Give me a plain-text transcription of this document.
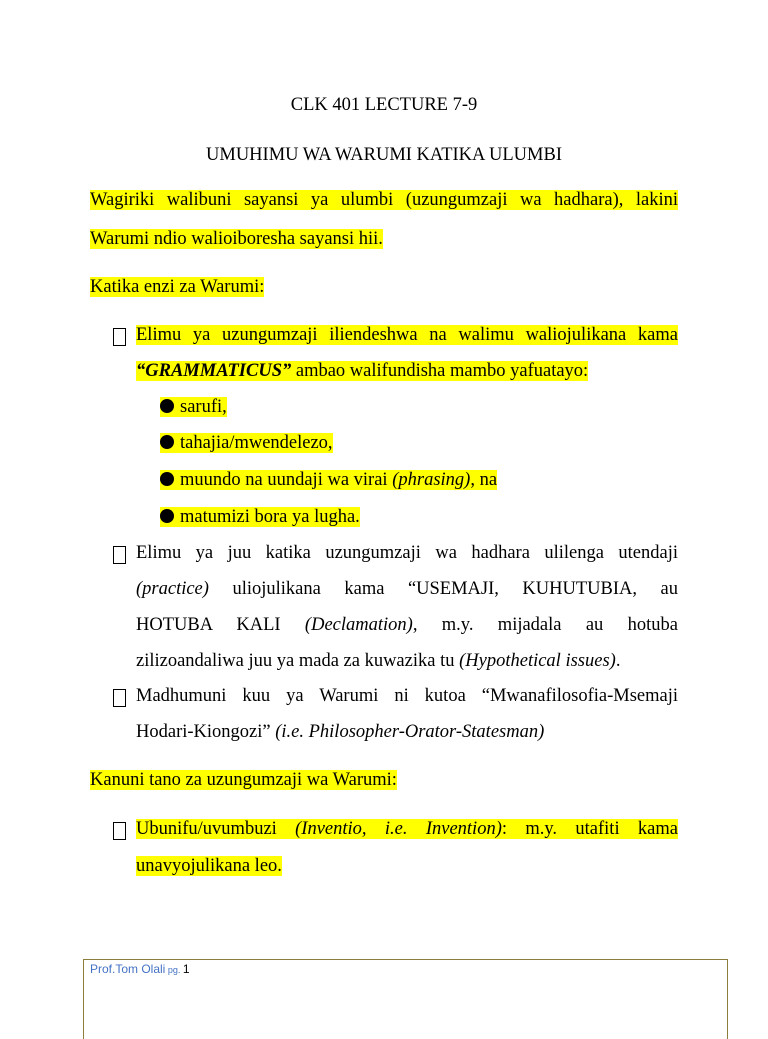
CLK 401 LECTURE 7-9
UMUHIMU WA WARUMI KATIKA ULUMBI
Wagiriki walibuni sayansi ya ulumbi (uzungumzaji wa hadhara), lakini
Warumi ndio walioiboresha sayansi hii.
Katika enzi za Warumi:
Elimu ya uzungumzaji iliendeshwa na walimu waliojulikana kama
“GRAMMATICUS” ambao walifundisha mambo yafuatayo:
sarufi,
tahajia/mwendelezo,
muundo na uundaji wa virai (phrasing), na
matumizi bora ya lugha.
Elimu ya juu katika uzungumzaji wa hadhara ulilenga utendaji
(practice) uliojulikana kama “USEMAJI, KUHUTUBIA, au
HOTUBA KALI (Declamation), m.y. mijadala au hotuba
zilizoandaliwa juu ya mada za kuwazika tu (Hypothetical issues).
Madhumuni kuu ya Warumi ni kutoa “Mwanafilosofia-Msemaji
Hodari-Kiongozi” (i.e. Philosopher-Orator-Statesman)
Kanuni tano za uzungumzaji wa Warumi:
Ubunifu/uvumbuzi (Inventio, i.e. Invention): m.y. utafiti kama
unavyojulikana leo.
Prof.Tom Olali pg. 1
